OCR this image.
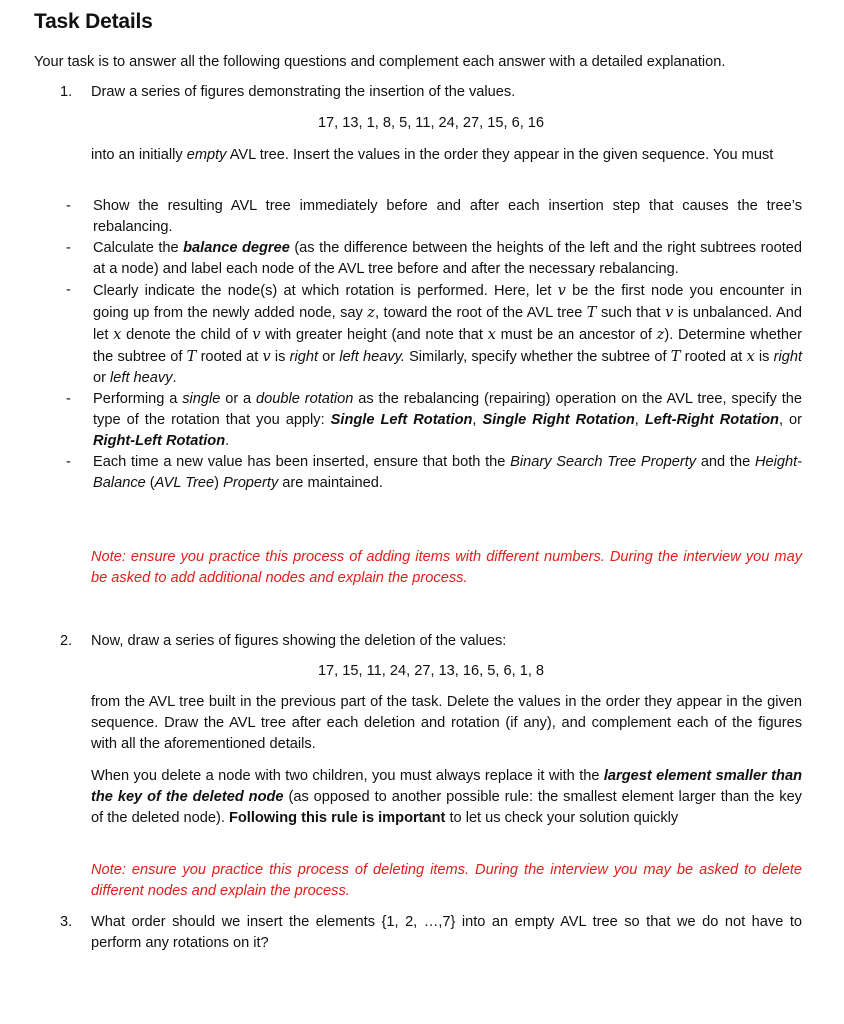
Task Details
Your task is to answer all the following questions and complement each answer with a detailed explanation.
1.	Draw a series of figures demonstrating the insertion of the values.
17, 13, 1, 8, 5, 11, 24, 27, 15, 6, 16
into an initially empty AVL tree. Insert the values in the order they appear in the given sequence. You must
- Show the resulting AVL tree immediately before and after each insertion step that causes the tree’s rebalancing.
- Calculate the balance degree (as the difference between the heights of the left and the right subtrees rooted at a node) and label each node of the AVL tree before and after the necessary rebalancing.
- Clearly indicate the node(s) at which rotation is performed. Here, let v be the first node you encounter in going up from the newly added node, say z, toward the root of the AVL tree T such that v is unbalanced. And let x denote the child of v with greater height (and note that x must be an ancestor of z). Determine whether the subtree of T rooted at v is right or left heavy. Similarly, specify whether the subtree of T rooted at x is right or left heavy.
- Performing a single or a double rotation as the rebalancing (repairing) operation on the AVL tree, specify the type of the rotation that you apply: Single Left Rotation, Single Right Rotation, Left-Right Rotation, or Right-Left Rotation.
- Each time a new value has been inserted, ensure that both the Binary Search Tree Property and the Height-Balance (AVL Tree) Property are maintained.
Note: ensure you practice this process of adding items with different numbers. During the interview you may be asked to add additional nodes and explain the process.
2.	Now, draw a series of figures showing the deletion of the values:
17, 15, 11, 24, 27, 13, 16, 5, 6, 1, 8
from the AVL tree built in the previous part of the task. Delete the values in the order they appear in the given sequence. Draw the AVL tree after each deletion and rotation (if any), and complement each of the figures with all the aforementioned details.
When you delete a node with two children, you must always replace it with the largest element smaller than the key of the deleted node (as opposed to another possible rule: the smallest element larger than the key of the deleted node). Following this rule is important to let us check your solution quickly
Note: ensure you practice this process of deleting items. During the interview you may be asked to delete different nodes and explain the process.
3.	What order should we insert the elements {1, 2, …,7} into an empty AVL tree so that we do not have to perform any rotations on it?
